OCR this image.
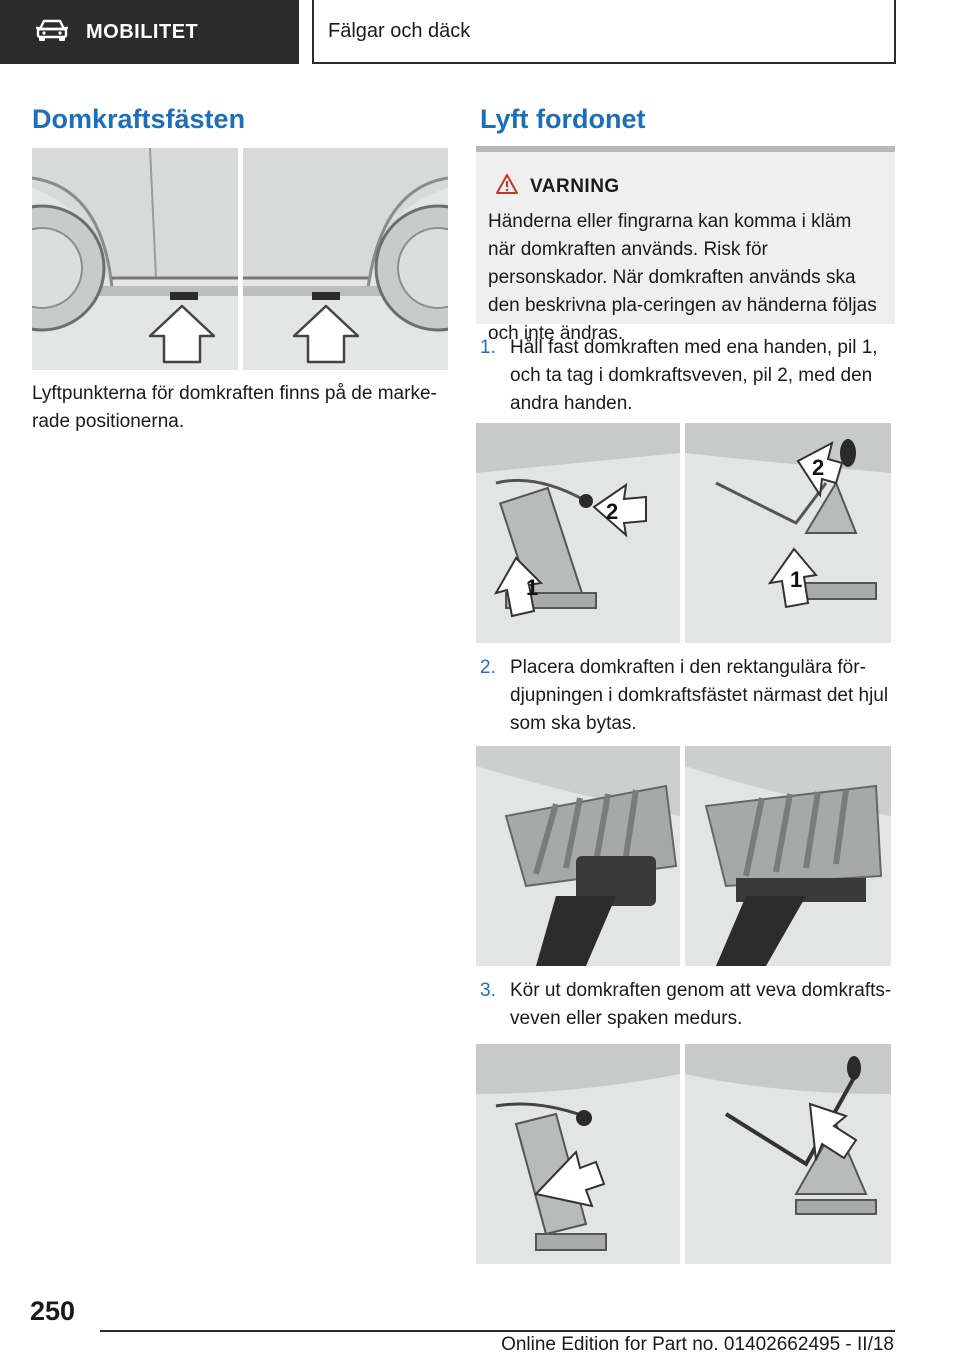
MOBILITET	Fälgar och däck
Domkraftsfästen
Lyftpunkterna för domkraften finns på de marke-rade positionerna.
Lyft fordonet
VARNING
Händerna eller fingrarna kan komma i kläm när domkraften används. Risk för personskador. När domkraften används ska den beskrivna pla-ceringen av händerna följas och inte ändras.
1. Håll fast domkraften med ena handen, pil 1, och ta tag i domkraftsveven, pil 2, med den andra handen.
1
2
2
1
2. Placera domkraften i den rektangulära för-djupningen i domkraftsfästet närmast det hjul som ska bytas.
3. Kör ut domkraften genom att veva domkrafts-veven eller spaken medurs.
250
Online Edition for Part no. 01402662495 - II/18
